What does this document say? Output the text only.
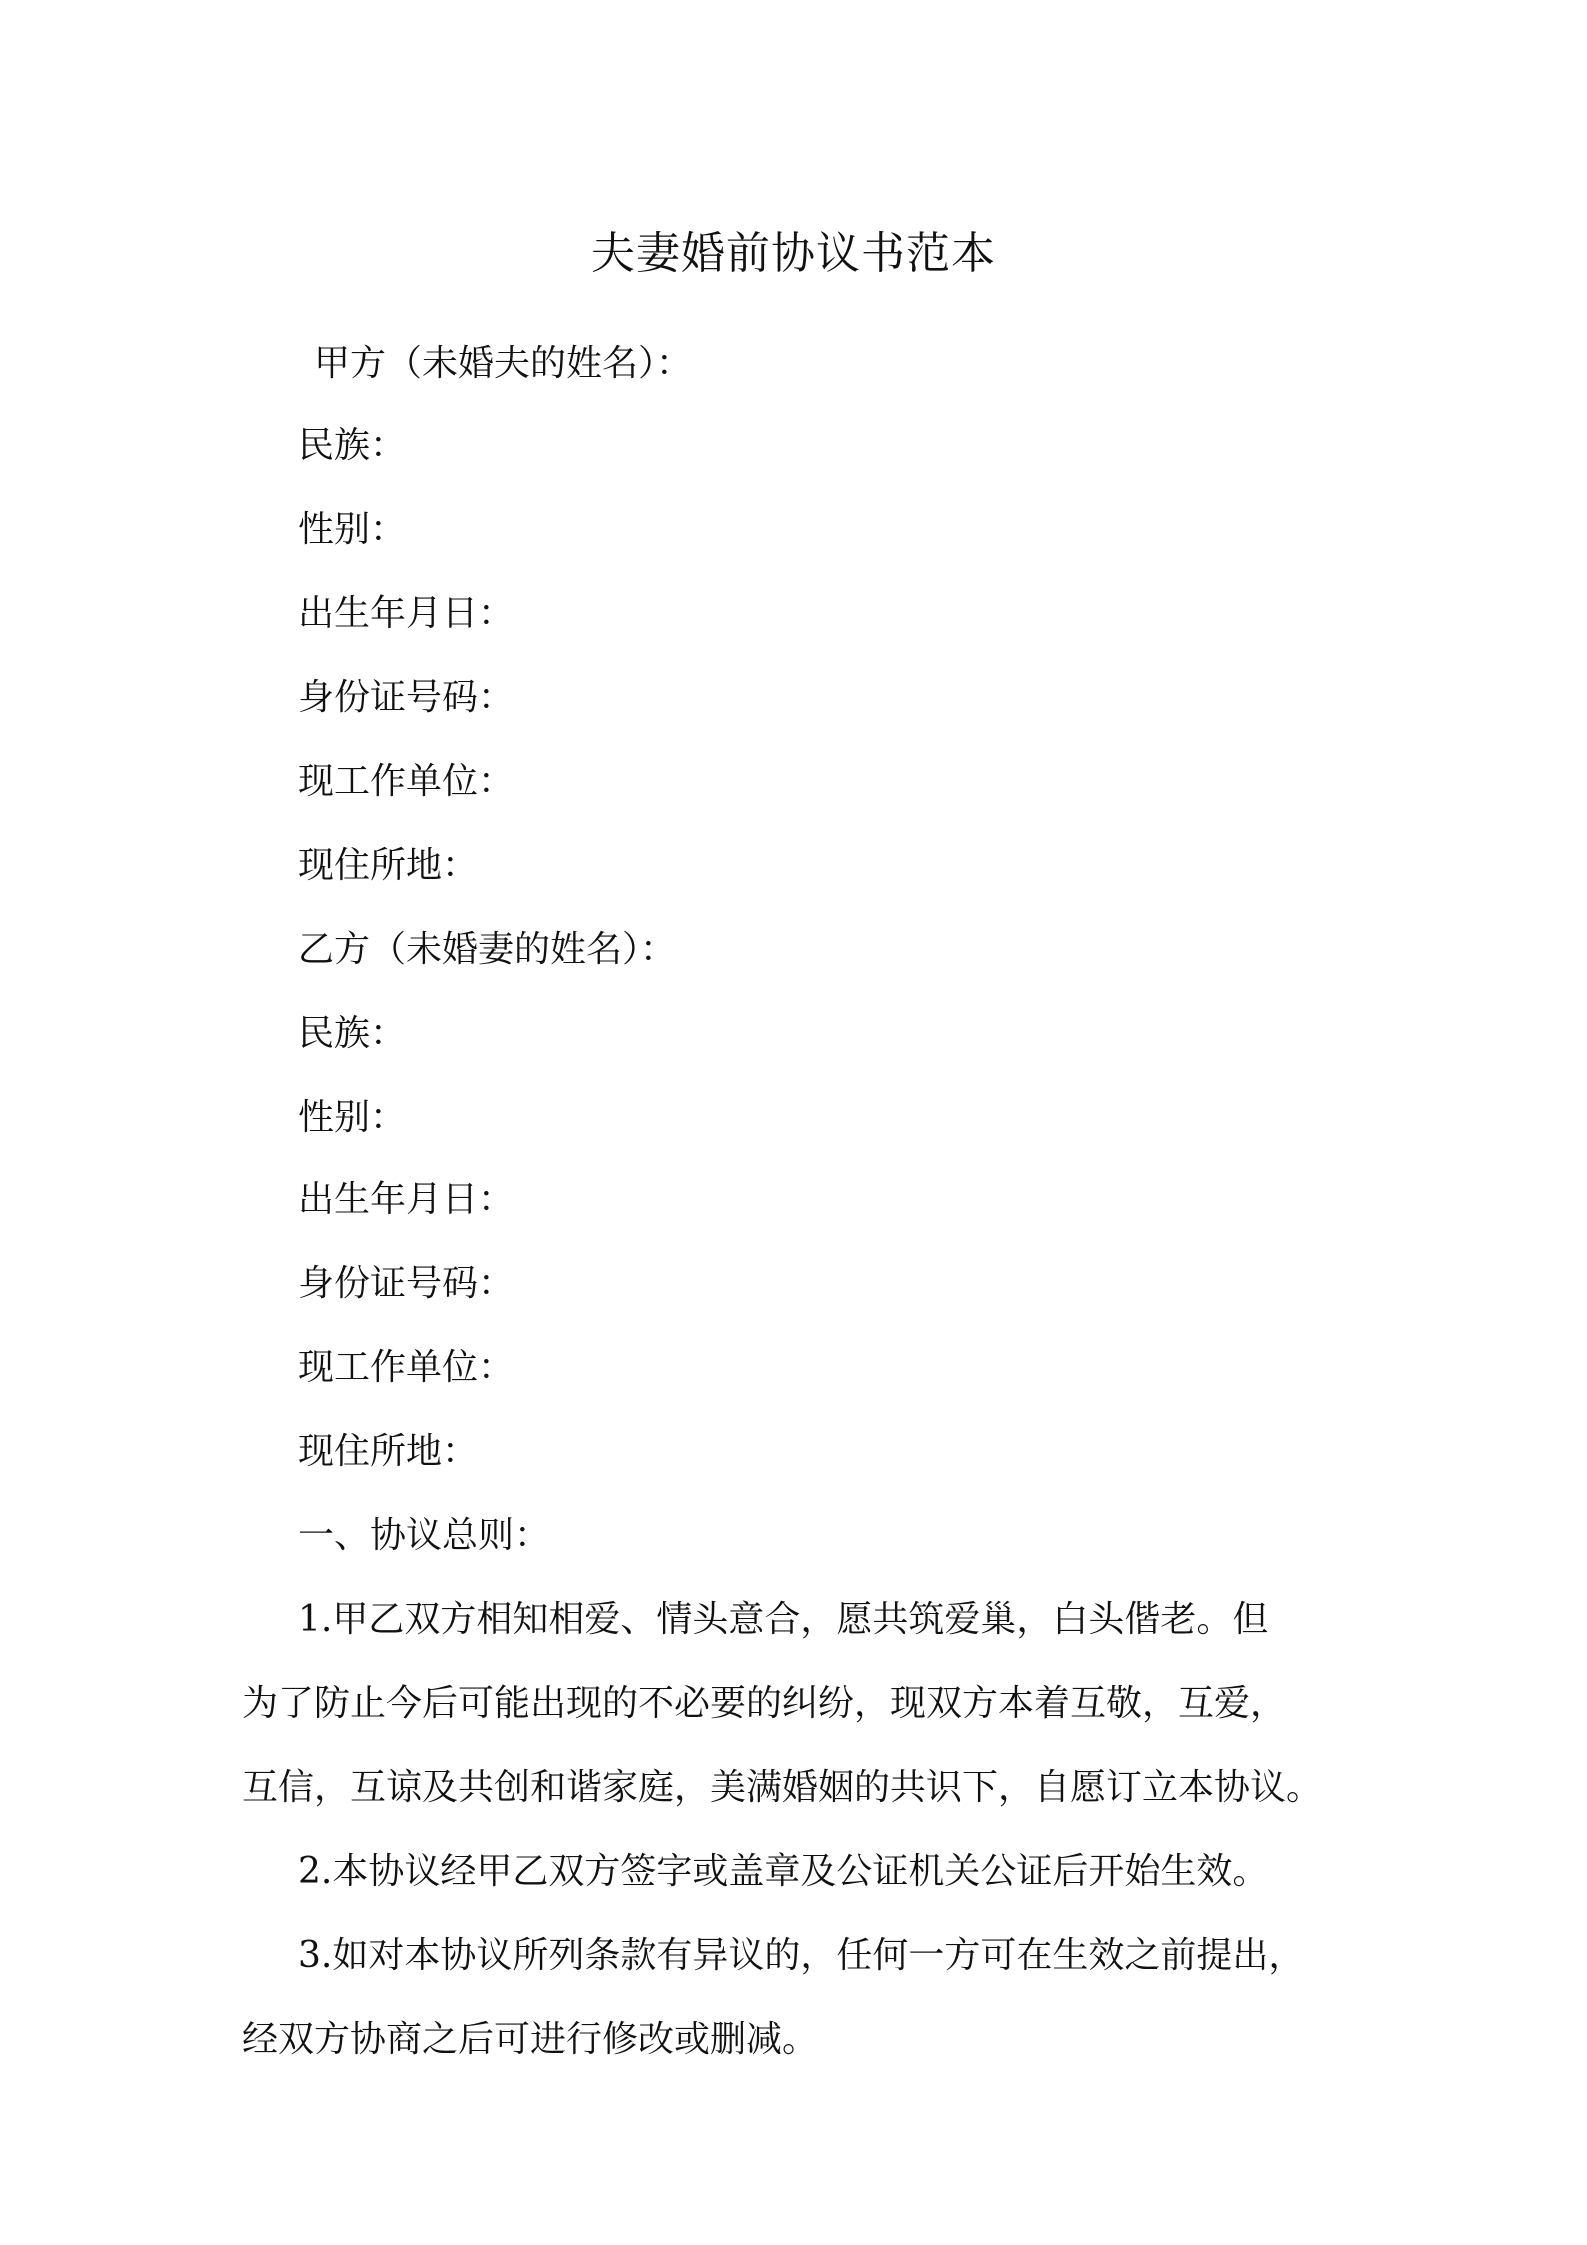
夫妻婚前协议书范本
甲方（未婚夫的姓名）：
民族：
性别：
出生年月日：
身份证号码：
现工作单位：
现住所地：
乙方（未婚妻的姓名）：
民族：
性别：
出生年月日：
身份证号码：
现工作单位：
现住所地：
一、协议总则：
1.甲乙双方相知相爱、情头意合，愿共筑爱巢，白头偕老。但
为了防止今后可能出现的不必要的纠纷，现双方本着互敬，互爱，
互信，互谅及共创和谐家庭，美满婚姻的共识下，自愿订立本协议。
2.本协议经甲乙双方签字或盖章及公证机关公证后开始生效。
3.如对本协议所列条款有异议的，任何一方可在生效之前提出，
经双方协商之后可进行修改或删减。
